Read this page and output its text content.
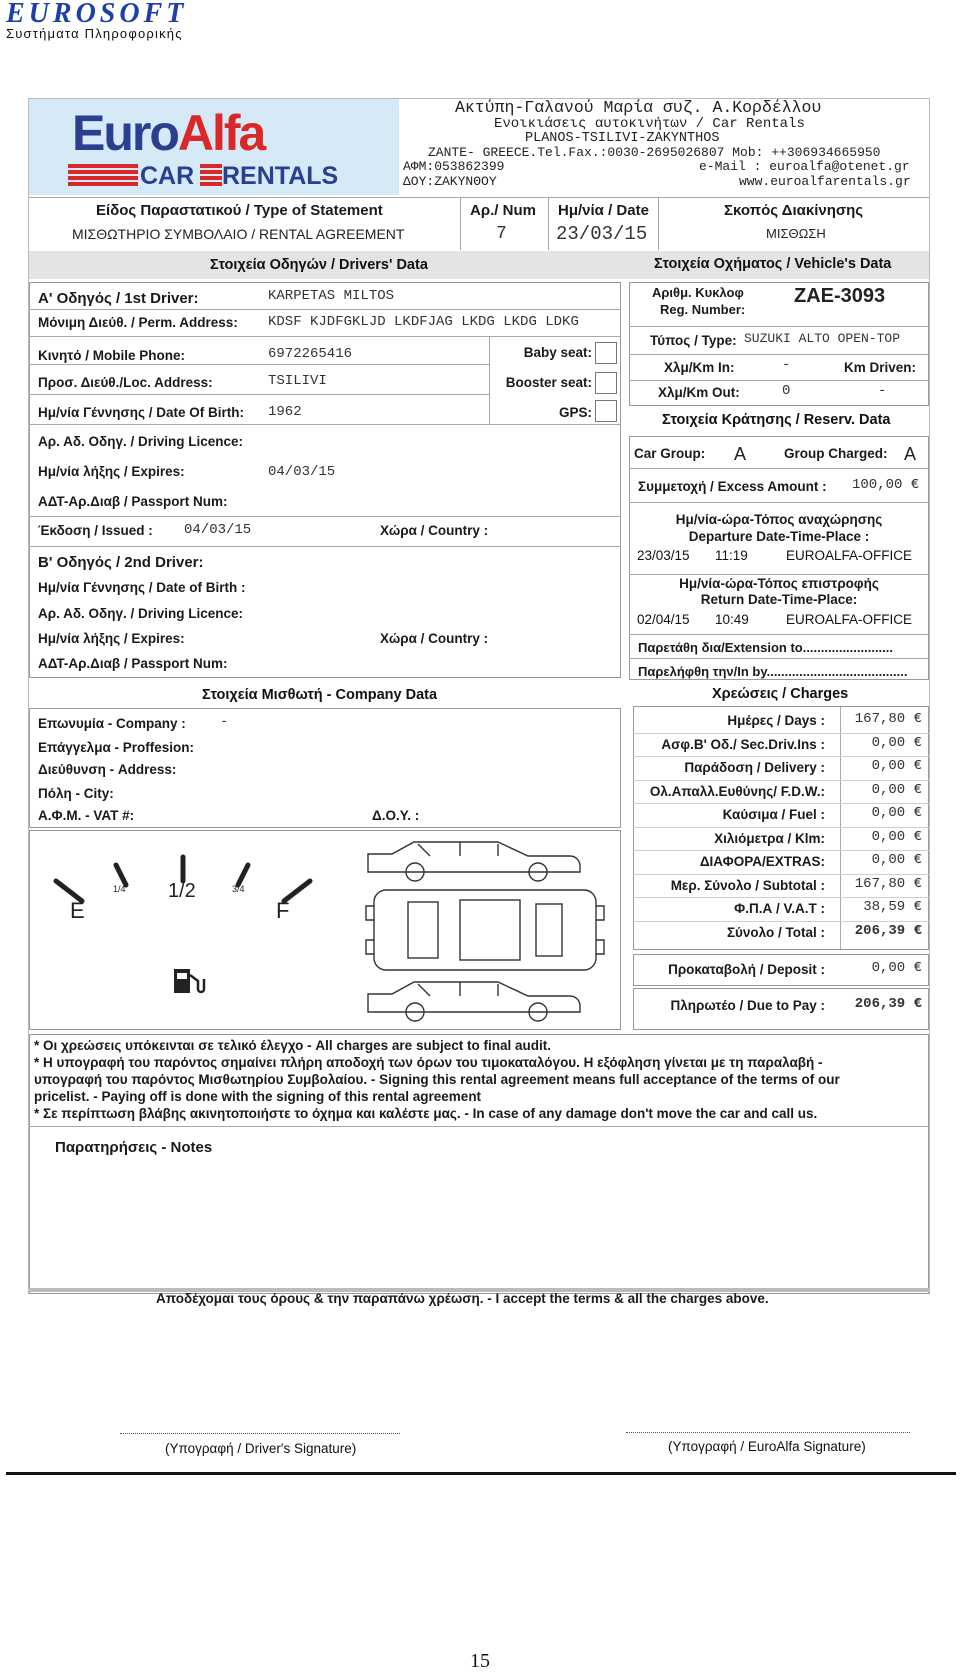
EUROSOFT
Συστήματα Πληροφορικής
EuroAlfa
CAR RENTALS
Ακτύπη-Γαλανού Μαρία συζ. Α.Κορδέλλου
Ενοικιάσεις αυτοκινήτων / Car Rentals
PLANOS-TSILIVI-ZAKYNTHOS
ZANTE- GREECE.Tel.Fax.:0030-2695026807 Mob: ++306934665950
ΑΦΜ:053862399	e-Mail : euroalfa@otenet.gr
ΔΟΥ:ΖΑΚΥΝΘΟΥ	www.euroalfarentals.gr
Είδος Παραστατικού / Type of Statement
ΜΙΣΘΩΤΗΡΙΟ ΣΥΜΒΟΛΑΙΟ / RENTAL AGREEMENT
Αρ./ Num
7
Ημ/νία / Date
23/03/15
Σκοπός Διακίνησης
ΜΙΣΘΩΣΗ
Στοιχεία Οδηγών / Drivers' Data	Στοιχεία Οχήματος / Vehicle's Data
Α' Οδηγός / 1st Driver:	KARPETAS MILTOS
Μόνιμη Διεύθ. / Perm. Address: KDSF KJDFGKLJD LKDFJAG LKDG LKDG LDKG
Κινητό / Mobile Phone:	6972265416
Προσ. Διεύθ./Loc. Address:	TSILIVI
Ημ/νία Γέννησης / Date Of Birth: 1962
Baby seat:
Booster seat:
GPS:
Αρ. Αδ. Οδηγ. / Driving Licence:
Ημ/νία λήξης / Expires:	04/03/15
ΑΔΤ-Αρ.Διαβ / Passport Num:
Έκδοση / Issued : 04/03/15	Χώρα / Country :
Β' Οδηγός / 2nd Driver:
Ημ/νία Γέννησης / Date of Birth :
Αρ. Αδ. Οδηγ. / Driving Licence:
Ημ/νία λήξης / Expires:	Χώρα / Country :
ΑΔΤ-Αρ.Διαβ / Passport Num:
Στοιχεία Μισθωτή - Company Data
Επωνυμία - Company : -
Επάγγελμα - Proffesion:
Διεύθυνση - Address:
Πόλη - City:
Α.Φ.Μ. - VAT #:	Δ.Ο.Υ. :
E
1/4 1/2	3/4
F
Αριθμ. Κυκλοφ
Reg. Number:
ZAE-3093
Τύπος / Type: SUZUKI ALTO OPEN-TOP
Χλμ/Km In:	-	Km Driven:
Χλμ/Km Out:	0	-
Στοιχεία Κράτησης / Reserv. Data
Car Group: A	Group Charged: A
Συμμετοχή / Excess Amount : 100,00 €
Ημ/νία-ώρα-Τόπος αναχώρησης
Departure Date-Time-Place :
23/03/15 11:19	EUROALFA-OFFICE
Ημ/νία-ώρα-Τόπος επιστροφής
Return Date-Time-Place:
02/04/15 10:49	EUROALFA-OFFICE
Παρετάθη δια/Extension to.........................
Παρελήφθη την/In by.......................................
Χρεώσεις / Charges
Ημέρες / Days :	167,80 €
Ασφ.Β' Οδ./ Sec.Driv.Ins :	0,00 €
Παράδοση / Delivery :	0,00 €
Ολ.Απαλλ.Ευθύνης/ F.D.W.:	0,00 €
Καύσιμα / Fuel :	0,00 €
Χιλιόμετρα / Klm:	0,00 €
ΔΙΑΦΟΡΑ/EXTRAS:	0,00 €
Μερ. Σύνολο / Subtotal :	167,80 €
Φ.Π.Α / V.A.T :	38,59 €
Σύνολο / Total :	206,39 €
Προκαταβολή / Deposit :	0,00 €
Πληρωτέο / Due to Pay :	206,39 €
* Οι χρεώσεις υπόκεινται σε τελικό έλεγχο - All charges are subject to final audit.
* Η υπογραφή του παρόντος σημαίνει πλήρη αποδοχή των όρων του τιμοκαταλόγου. Η εξόφληση γίνεται με τη παραλαβή -
υπογραφή του παρόντος Μισθωτηρίου Συμβολαίου. - Signing this rental agreement means full acceptance of the terms of our
pricelist. - Paying off is done with the signing of this rental agreement
* Σε περίπτωση βλάβης ακινητοποιήστε το όχημα και καλέστε μας. - In case of any damage don't move the car and call us.
Παρατηρήσεις - Notes
Αποδέχομαι τους όρους & την παραπάνω χρέωση. - I accept the terms & all the charges above.
(Υπογραφή / Driver's Signature)	(Υπογραφή / EuroAlfa Signature)
15
